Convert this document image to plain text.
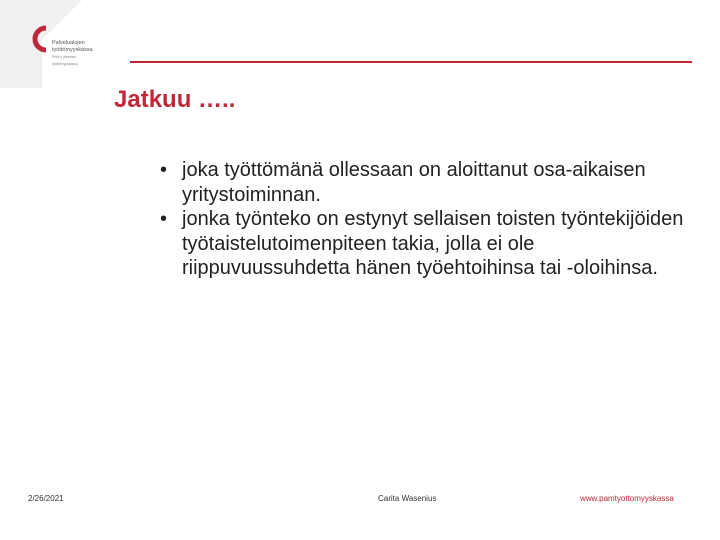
Palvelualojen
työttömyyskassa
PAM:n jäsenten työttömyyskassa
Jatkuu …..
• joka työttömänä ollessaan on aloittanut osa-aikaisen yritystoiminnan.
• jonka työnteko on estynyt sellaisen toisten työntekijöiden työtaistelutoimenpiteen takia, jolla ei ole riippuvuussuhdetta hänen työehtoihinsa tai -oloihinsa.
2/26/2021	Carita Wasenius	www.pamtyottomyyskassa
